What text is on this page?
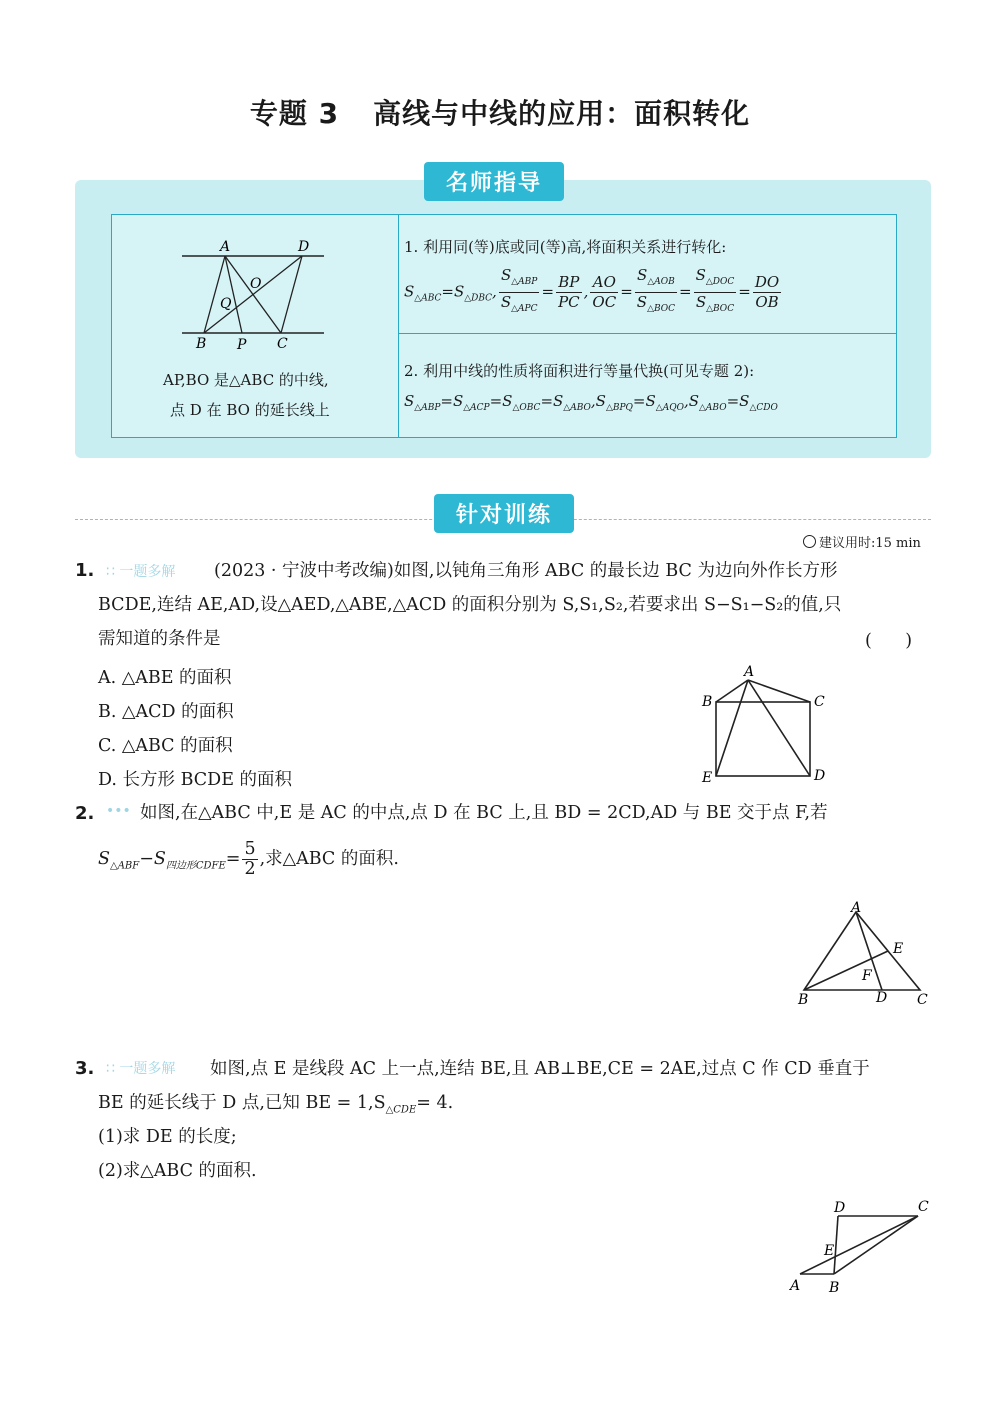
专题 3 高线与中线的应用：面积转化
名师指导
A	D
O
Q
B P C
AP,BO 是△ABC 的中线,
点 D 在 BO 的延长线上
1. 利用同(等)底或同(等)高,将面积关系进行转化:
$S_{\triangle ABC}=S_{\triangle DBC}$, $\frac{S_{\triangle ABP}}{S_{\triangle APC}} = \frac{BP}{PC}$ , $\frac{AO}{OC} = \frac{S_{\triangle AOB}}{S_{\triangle BOC}} = \frac{S_{\triangle DOC}}{S_{\triangle BOC}} = \frac{DO}{OB}$
2. 利用中线的性质将面积进行等量代换(可见专题 2):
$S_{\triangle ABP}=S_{\triangle ACP}=S_{\triangle OBC}=S_{\triangle ABO},S_{\triangle BPQ}=S_{\triangle AQO},S_{\triangle ABO}=S_{\triangle CDO}$
针对训练
建议用时:15 min
1. ∷ 一题多解 (2023 · 宁波中考改编)如图,以钝角三角形 ABC 的最长边 BC 为边向外作长方形
BCDE,连结 AE,AD,设△AED,△ABE,△ACD 的面积分别为 S,S₁,S₂,若要求出 S−S₁−S₂的值,只
需知道的条件是	(      )
A. △ABE 的面积
B. △ACD 的面积
C. △ABC 的面积
D. 长方形 BCDE 的面积
A
B	C
D
E
2. ••• 如图,在△ABC 中,E 是 AC 的中点,点 D 在 BC 上,且 BD = 2CD,AD 与 BE 交于点 F,若
$S_{\triangle ABF}-S_{四边形CDFE}= \frac{5}{2}$ ,求△ABC 的面积.
A
B	C
D
E
F
3. ∷ 一题多解 如图,点 E 是线段 AC 上一点,连结 BE,且 AB⊥BE,CE = 2AE,过点 C 作 CD 垂直于
BE 的延长线于 D 点,已知 BE = $1,S_{\triangle CDE}= 4$.
(1)求 DE 的长度;
(2)求△ABC 的面积.
D	C
E
A B
